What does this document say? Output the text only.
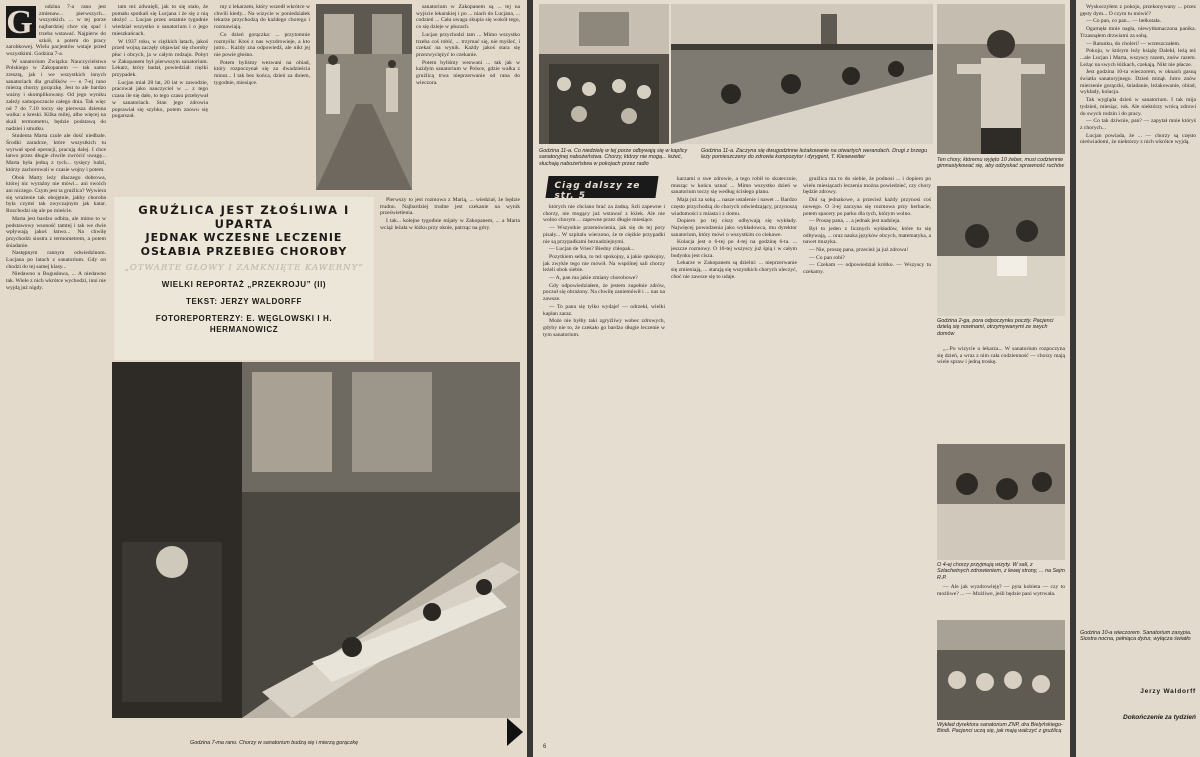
G	odzina 7-a rano jest zmienaw... pierwszych... wszystkich. ... w tej porze najbardziej chce się spać i trzeba wstawać. Najpierw do szkół, a potem do pracy zarobkowej. Wielu pacjentów wstaje przed wszystkimi. Godzina 7-a.

W sanatorium Związku Nauczycielstwa Polskiego w Zakopanem — tak samo zresztą, jak i we wszystkich innych sanatoriach dla gruźlików — o 7-ej rano mierzą chorzy gorączkę. Jest to ale bardzo ważny i skomplikowany. Od jego wyniku zależy samopoczucie całego dnia. Tak więc od 7 do 7.10 toczy się pierwsza dzienna walka: o kreski. Kilka milej, albo więcej na skali termometru, będzie podstawą do nadziei i smutku.

Studenta Marta czule ale dość niedbale. Środki zaradcze, które wszystkich tu wyrwał spod operacji, pracują dalej. I chce łatwo przez długie chwile zwrócić uwagę... Marta była jedną z tych... tysięcy ludzi, którzy zachorowali w czasie wojny i potem.

Obok Marty leży dlaczego dobrowa, której nic wyraźny nie mówi... ani swoich ani niczego. Czym jest ta gruźlica? Wywiera się wrażenie tak obojętnie, jakby choroba była czymś tak zwyczajnym jak katar. Rozchodzi się ale po mieście.

Marta jest bardzo odbita, ale mimo to w podstawowy wsoność tamtej i tak we dwie wpływają jakoś łatwo... Na chwilę przychodzi siostra z termometrem, a potem śniadanie.

Następnym rannym odwiedzinom. Lucjana po latach z sanatorium. Gdy on chodzi do tej samej klasy...

Niedawno u Bogusława, ... A niedawno tak. Wiele z nich wkrótce wychodzi, inni nie wyjdą już nigdy.

tam też zdwaięli, jak to się stało, że pomału spotkali się Lucjana i że się z nią ułożyć ... Lucjan przez ostatnie tygodnie wiedział wszystko o sanatorium i o jego mieszkańcach.

W 1937 roku, w ciężkich latach, jakoś przed wojną zaczęły objawiać się choroby płuc i obcych, ja w całym rodzaju. Pobyt w Zakopanem był pierwszym sanatorium. Lekarz, który badał, powiedział: ciężki przypadek.

Lucjan miał 28 lat, 20 lat w zawodzie, pracował jako nauczyciel w ... z tego czasu ile się dało, to tego czasu przebywał w sanatoriach. Stan jego zdrowia poprawiał się szybko, potem znowu się pogarszał.

my z lekarzem, który wszedł wkrótce w chwili kiedy... Na wizycie w poniedziałek lekarze przychodzą do każdego chorego i rozmawiają.

Co dzień gorączka: ... przytomnie rozmyśla: Ktoś z nas wyzdrowieje, a kto jutro... Każdy zna odpowiedź, ale nikt jej nie powie głośno.

Potem byliśmy wezwani na obiad, który rozpoczynał się za dwadzieścia minut... I tak bez końca, dzień za dniem, tygodnie, miesiące.

sanatorium w Zakopanem są ... tej na wyjście lekarskiej i po ... niach do Lucjana, ... codzień ... Cała uwaga skupia się wokół tego, co się dzieje w płucach.

Lucjan przychodzi tam ... Mimo wszystko trzeba coś robić, ... trzymać się, nie myśleć, i czekać na wynik. Każdy jakoś stara się przezwyciężyć to czekanie.

Potem byliśmy wezwani ... tak jak w każdym sanatorium w Polsce, gdzie walka z gruźlicą trwa nieprzerwanie od rana do wieczora.

GRUŹLICA JEST ZŁOŚLIWA I UPARTA
JEDNAK WCZESNE LECZENIE
OSŁABIA PRZEBIEG CHOROBY
„OTWARTE GŁOWY I ZAMKNIĘTE KAWERNY”
WIELKI REPORTAŻ „PRZEKROJU” (II)
TEKST: JERZY WALDORFF
FOTOREPORTERZY: E. WĘGLOWSKI I H. HERMANOWICZ

Pierwszy to jest rozmowa z Marią, ... wiedział, że będzie trudno. Najbardziej trudne jest czekanie na wynik prześwietlenia.

I tak... kolejne tygodnie mijały w Zakopanem, ... a Marta wciąż leżała w łóżku przy oknie, patrząc na góry.

Godzina 7-ma rano. Chorzy w sanatorium budzą się i mierzą gorączkę
Godzina 11-a. Co niedzielę w tej porze odbywają się w kaplicy sanatoryjnej nabożeństwa. Chorzy, którzy nie mogą... leżeć, słuchają nabożeństwa w pokojach przez radio
Godzina 11-a. Zaczyna się dwugodzinne leżakowanie na otwartych werandach. Drugi z brzegu leży pomieszczeny do zdrowia kompozytor i dyrygent, T. Kiesewetter
Ciąg dalszy ze str. 5

których nie chciano brać za żadną. Szli zapewne i chorzy, nie mogący już wstawać z łóżek. Ale nie wolno chorym ... zapewne przez długie miesiące.

— Wszystkie przemówienia, jak się do tej pory pisały... W szpitalu wierzono, że te ciężkie przypadki nie są przypadkami beznadziejnymi.

— Lucjan de Vries? Biedny chłopak...

Pozytkiem selka, to też spokojny, a jakie spokojny, jak zwykle tego nie mówił. Na wspólnej sali chorzy leżeli obok siebie.

— A, pan ma jakie zmiany chorobowe?

Gdy odpowiedziałem, że jestem zupełnie zdrów, poczuł się obrażony. Na chwilę zaniemówił i ... nas na zawsze.

— To panu się tylko wydaje! — odrzekł, wielki kapłan zaraz.

Może nie byłby taki zgryźliwy wobec zdrowych, gdyby nie to, że czekało go bardzo długie leczenie w tym sanatorium.

karzami o swe zdrowie, a tego robił to skutecznie, musząc w końcu uznać ... Mimo wszystko dzień w sanatorium toczy się według ścisłego planu.

Maja już za sobą ... nasze ustalenie i nawet ... Bardzo często przychodzą do chorych odwiedzający, przynoszą wiadomości z miasta i z domu.

Dopiero po tej ciszy odbywają się wykłady. Najwięcej powodzenia jako wykładowca, mu dyrektor sanatorium, który mówi o wszystkim co ciekawe.

Kolacja jest o 6-tej po 4-tej na godzinę 6-ta. ... jeszcze rozmowy. O 10-tej wszyscy już śpią i w całym budynku jest cisza.

Lekarze w Zakopanem są dzielni: ... nieprzerwanie się zmieniają, ... starają się wszystkich chorych uleczyć, choć nie zawsze się to udaje.

gruźlica ma to do siebie, że podnosi ... i dopiero po wielu miesiącach leczenia można powiedzieć, czy chory będzie zdrowy.

Dni są jednakowe, a przecież każdy przynosi coś nowego. O 3-ej zaczyna się rozmowa przy herbacie, potem spacery po parku dla tych, którym wolno.

— Proszę pana, ... a jednak jest nadzieja.

Był to jeden z licznych wykładów, które tu się odbywają, ... oraz nauka języków obcych, matematyka, a nawet muzyka.

— Nie, proszę pana, przecież ja już zdrowa!

— Co pan robi?

— Czekam — odpowiedział krótko. — Wszyscy tu czekamy.

Ten chory, któremu wyjęto 10 żeber, musi codziennie gimnastykować się, aby odzyskać sprawność ruchów
Godzina 2-ga, pora odpoczynku poczty. Pacjenci dzielą się nowinami, otrzymywanymi ze swych domów

„...Po wizycie u lekarza... W sanatorium rozpoczyna się dzień, a wraz z nim cała codzienność — chorzy mają wiele spraw i jedną troskę.

O 4-ej chorzy przyjmują wizyty. W sali, z Szlachetnych zdrowieniem, z lewej strony, ... na Sejm R.P.

— Ale jak wyzdrowieję? — pyta kobieta — czy to możliwe? ... — Możliwe, jeśli będzie pani wytrwała.

Wykład dyrektora sanatorium ZNP, dra Bielyńskiego-Bindi. Pacjenci uczą się, jak mają walczyć z gruźlicą
6

Wyskoczyłem z pokoju, przekonywany ... przez gęsty dym... O czym tu mówić?

— Co pan, co pan... — bełkotała.

Ogarnęła mnie nagła, niewytłumaczona panika. Trzasnąłem drzwiami za sobą.

— Ratunku, do choleri! — wrzeszczałem.

Pokoju, w którym leży książę Dalekł, leżą też ...ale Lucjan i Marta, wszyscy razem, znów razem. Leżąc na swych łóżkach, czekają. Nikt nie płacze.

Jest godzina 10-ta wieczorem, w oknach gasną światła sanatoryjnego. Dzień minął. Jutro znów mierzenie gorączki, śniadanie, leżakowanie, obiad, wykłady, kolacja.

Tak wygląda dzień w sanatorium. I tak mija tydzień, miesiąc, rok. Ale niektórzy wrócą zdrowi do swych rodzin i do pracy.

— Co tak dziwnie, pan? — zapytał mnie któryś z chorych...

Lucjan powiada, że ... — chorzy są często nieświadomi, że niektórzy z nich wkrótce wyjdą.

Jerzy Waldorff
Dokończenie za tydzień
Godzina 10-a wieczorem. Sanatorium zasypia. Siostra nocna, pełniąca dyżur, wyłącza światło
